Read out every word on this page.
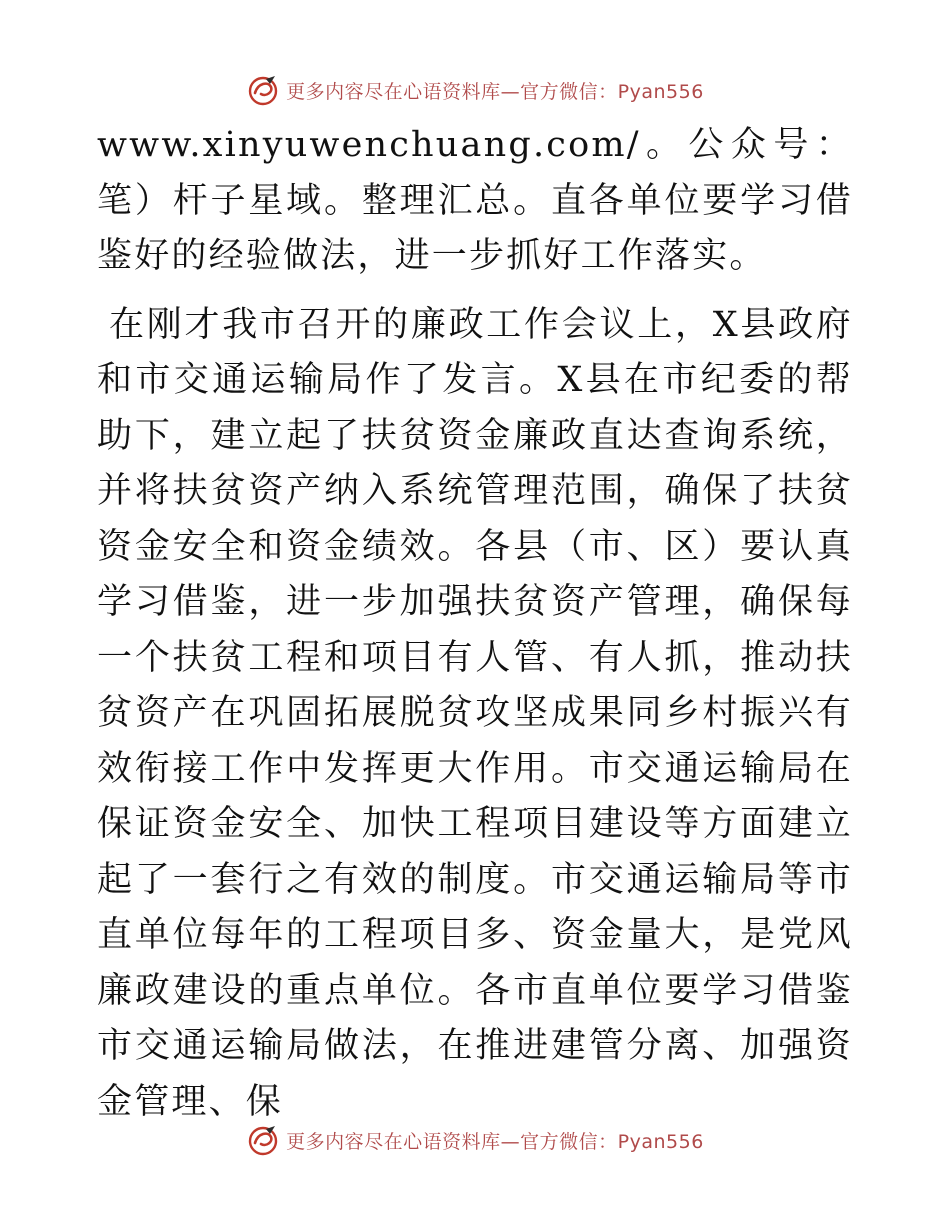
更多内容尽在心语资料库—官方微信：Pyan556

www.xinyuwenchuang.com/。公众号：笔）杆子星域。整理汇总。直各单位要学习借鉴好的经验做法，进一步抓好工作落实。

在刚才我市召开的廉政工作会议上，X县政府和市交通运输局作了发言。X县在市纪委的帮助下，建立起了扶贫资金廉政直达查询系统，并将扶贫资产纳入系统管理范围，确保了扶贫资金安全和资金绩效。各县（市、区）要认真学习借鉴，进一步加强扶贫资产管理，确保每一个扶贫工程和项目有人管、有人抓，推动扶贫资产在巩固拓展脱贫攻坚成果同乡村振兴有效衔接工作中发挥更大作用。市交通运输局在保证资金安全、加快工程项目建设等方面建立起了一套行之有效的制度。市交通运输局等市直单位每年的工程项目多、资金量大，是党风廉政建设的重点单位。各市直单位要学习借鉴市交通运输局做法，在推进建管分离、加强资金管理、保

更多内容尽在心语资料库—官方微信：Pyan556
